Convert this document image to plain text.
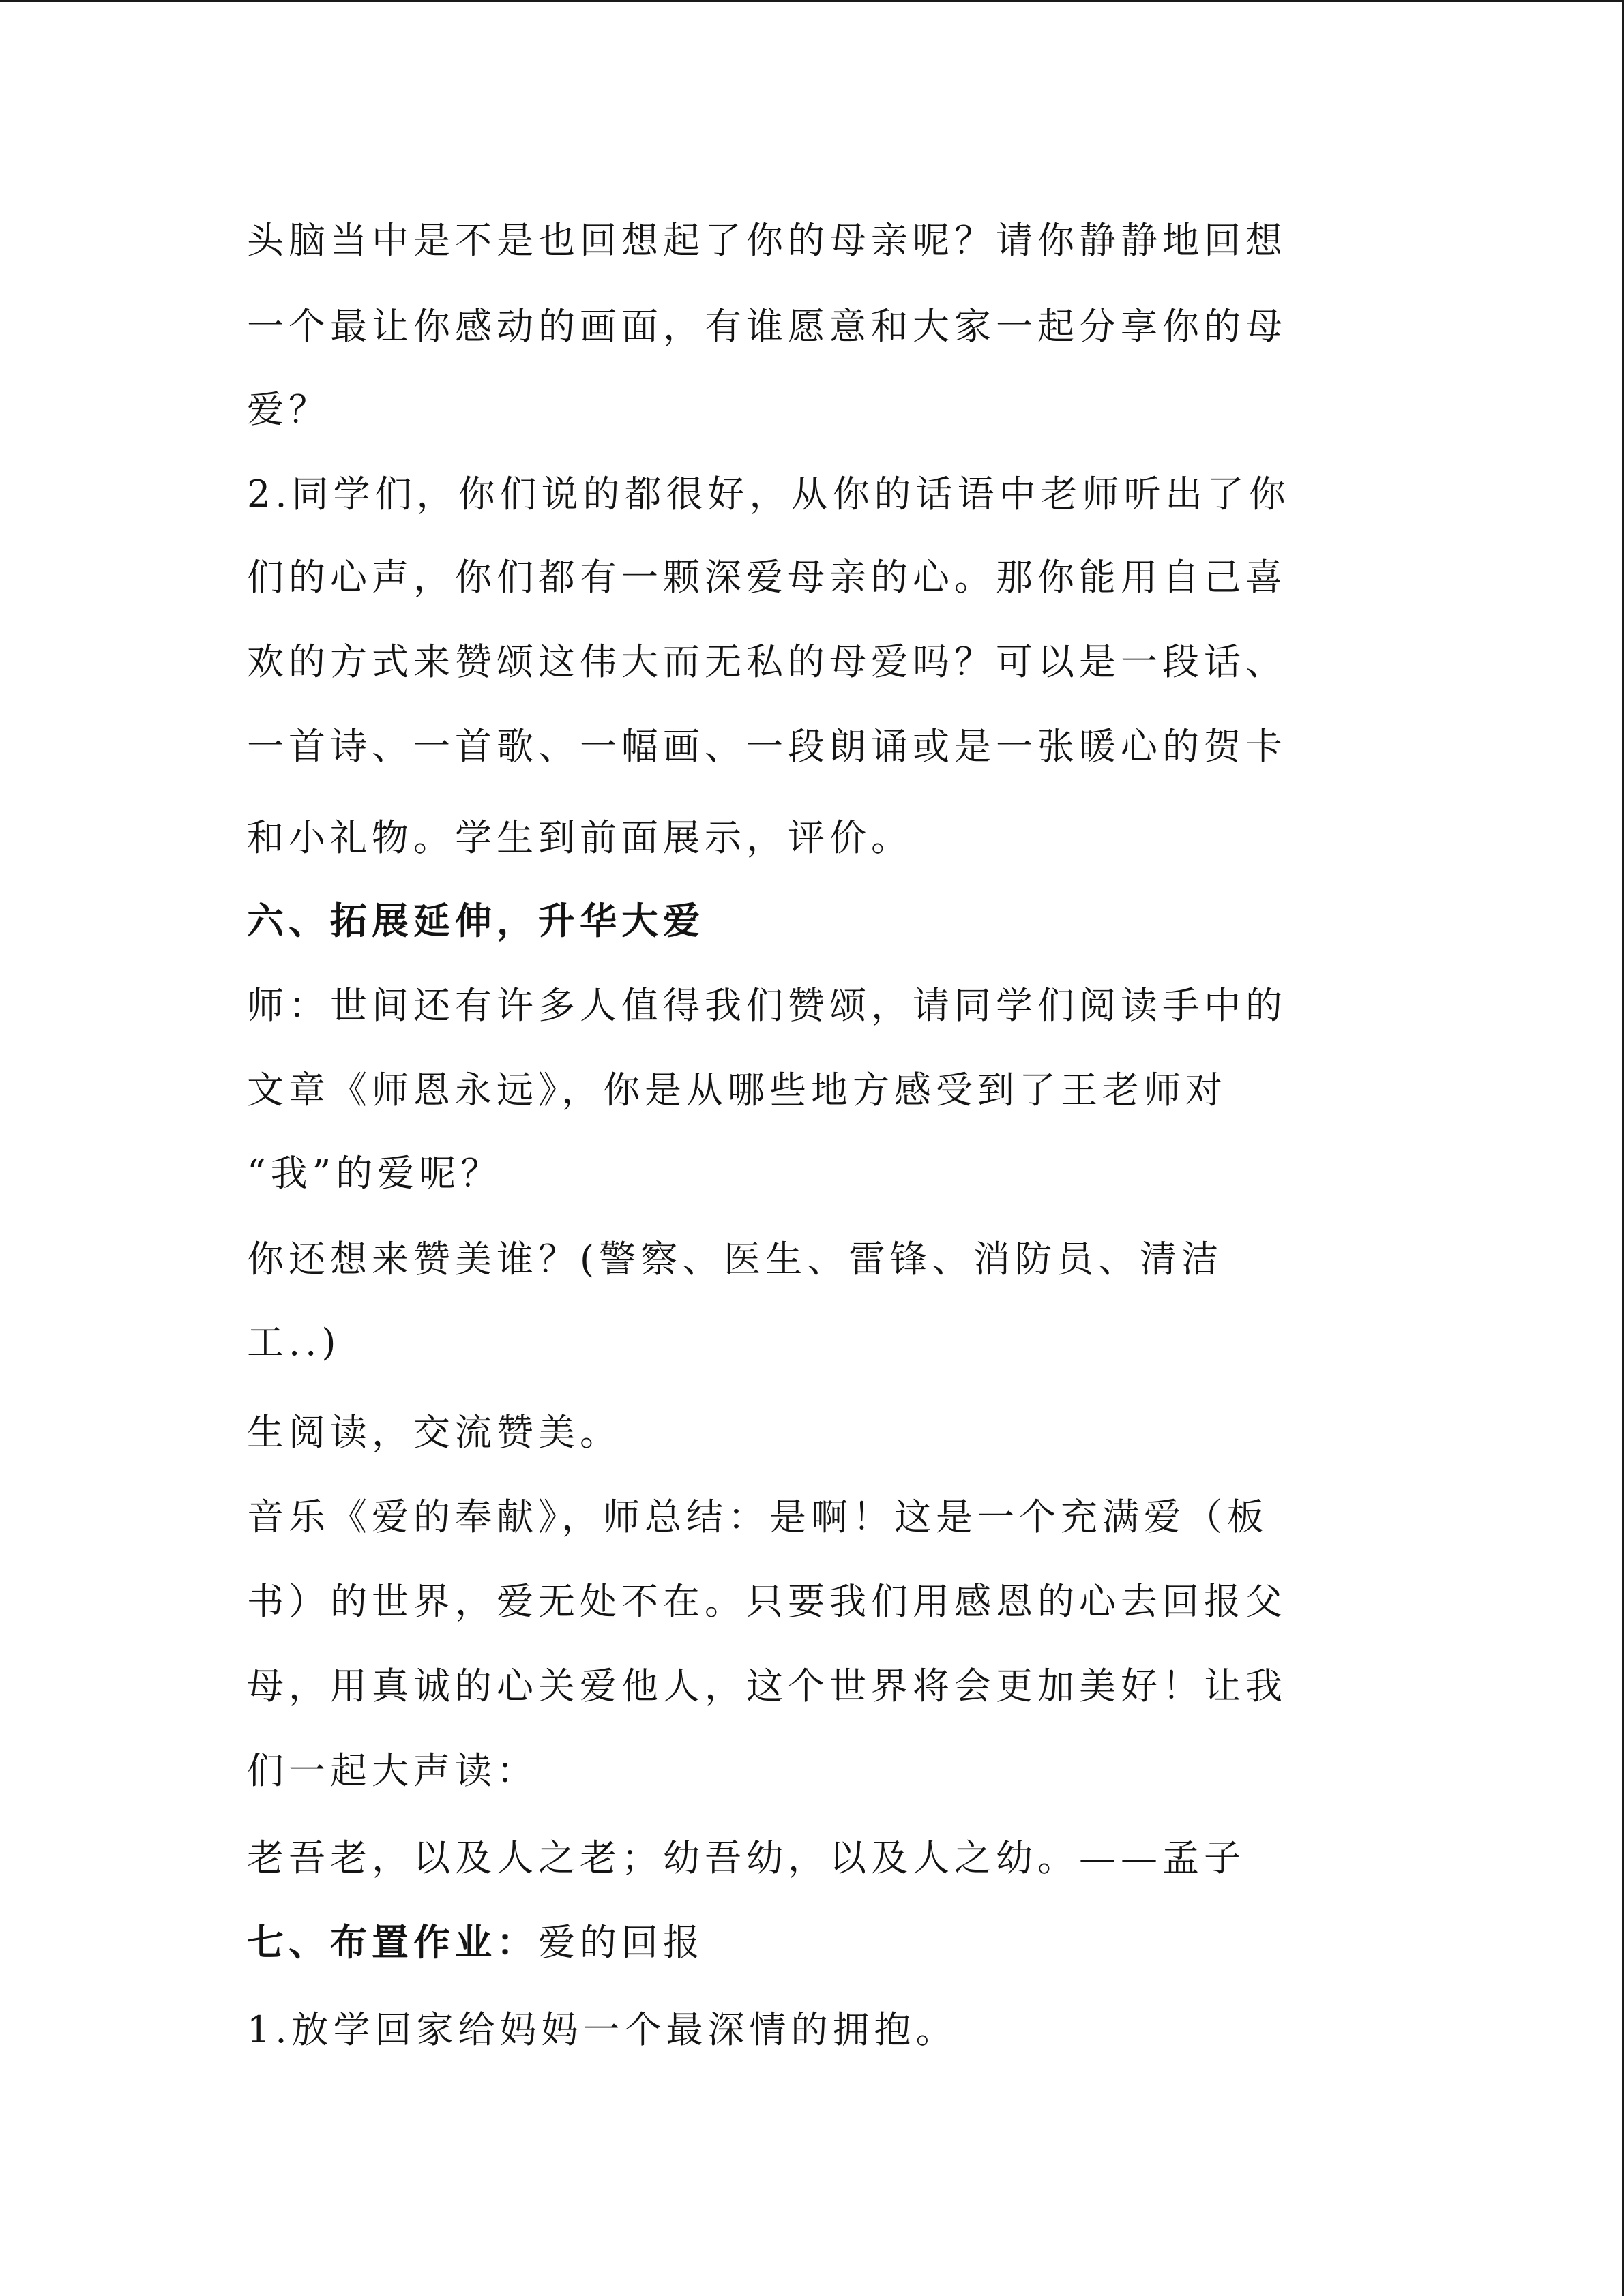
头脑当中是不是也回想起了你的母亲呢？请你静静地回想

一个最让你感动的画面，有谁愿意和大家一起分享你的母

爱？

2.同学们，你们说的都很好，从你的话语中老师听出了你

们的心声，你们都有一颗深爱母亲的心。那你能用自己喜

欢的方式来赞颂这伟大而无私的母爱吗？可以是一段话、

一首诗、一首歌、一幅画、一段朗诵或是一张暖心的贺卡

和小礼物。学生到前面展示，评价。

六、拓展延伸，升华大爱

师：世间还有许多人值得我们赞颂，请同学们阅读手中的

文章《师恩永远》，你是从哪些地方感受到了王老师对

“我”的爱呢？

你还想来赞美谁？(警察、医生、雷锋、消防员、清洁

工..)

生阅读，交流赞美。

音乐《爱的奉献》，师总结：是啊！这是一个充满爱（板

书）的世界，爱无处不在。只要我们用感恩的心去回报父

母，用真诚的心关爱他人，这个世界将会更加美好！让我

们一起大声读：

老吾老，以及人之老；幼吾幼，以及人之幼。——孟子

七、布置作业：爱的回报

1.放学回家给妈妈一个最深情的拥抱。
